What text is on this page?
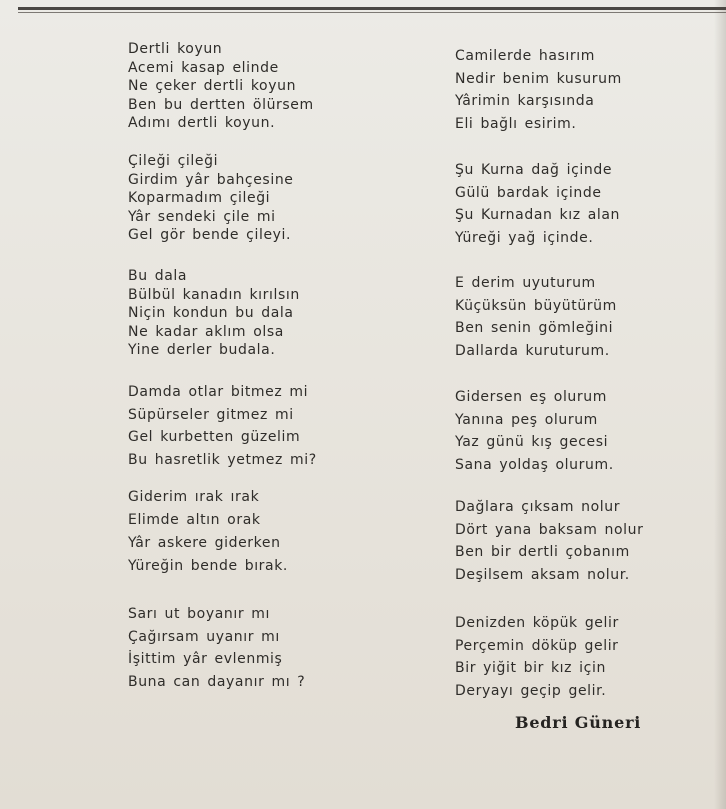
Dertli koyun
Acemi kasap elinde
Ne çeker dertli koyun
Ben bu dertten ölürsem
Adımı dertli koyun.
Çileği çileği
Girdim yâr bahçesine
Koparmadım çileği
Yâr sendeki çile mi
Gel gör bende çileyi.
Bu dala
Bülbül kanadın kırılsın
Niçin kondun bu dala
Ne kadar aklım olsa
Yine derler budala.
Damda otlar bitmez mi
Süpürseler gitmez mi
Gel kurbetten güzelim
Bu hasretlik yetmez mi?
Giderim ırak ırak
Elimde altın orak
Yâr askere giderken
Yüreğin bende bırak.
Sarı ut boyanır mı
Çağırsam uyanır mı
İşittim yâr evlenmiş
Buna can dayanır mı ?
Camilerde hasırım
Nedir benim kusurum
Yârimin karşısında
Eli bağlı esirim.
Şu Kurna dağ içinde
Gülü bardak içinde
Şu Kurnadan kız alan
Yüreği yağ içinde.
E derim uyuturum
Küçüksün büyütürüm
Ben senin gömleğini
Dallarda kuruturum.
Gidersen eş olurum
Yanına peş olurum
Yaz günü kış gecesi
Sana yoldaş olurum.
Dağlara çıksam nolur
Dört yana baksam nolur
Ben bir dertli çobanım
Deşilsem aksam nolur.
Denizden köpük gelir
Perçemin döküp gelir
Bir yiğit bir kız için
Deryayı geçip gelir.
Bedri Güneri
